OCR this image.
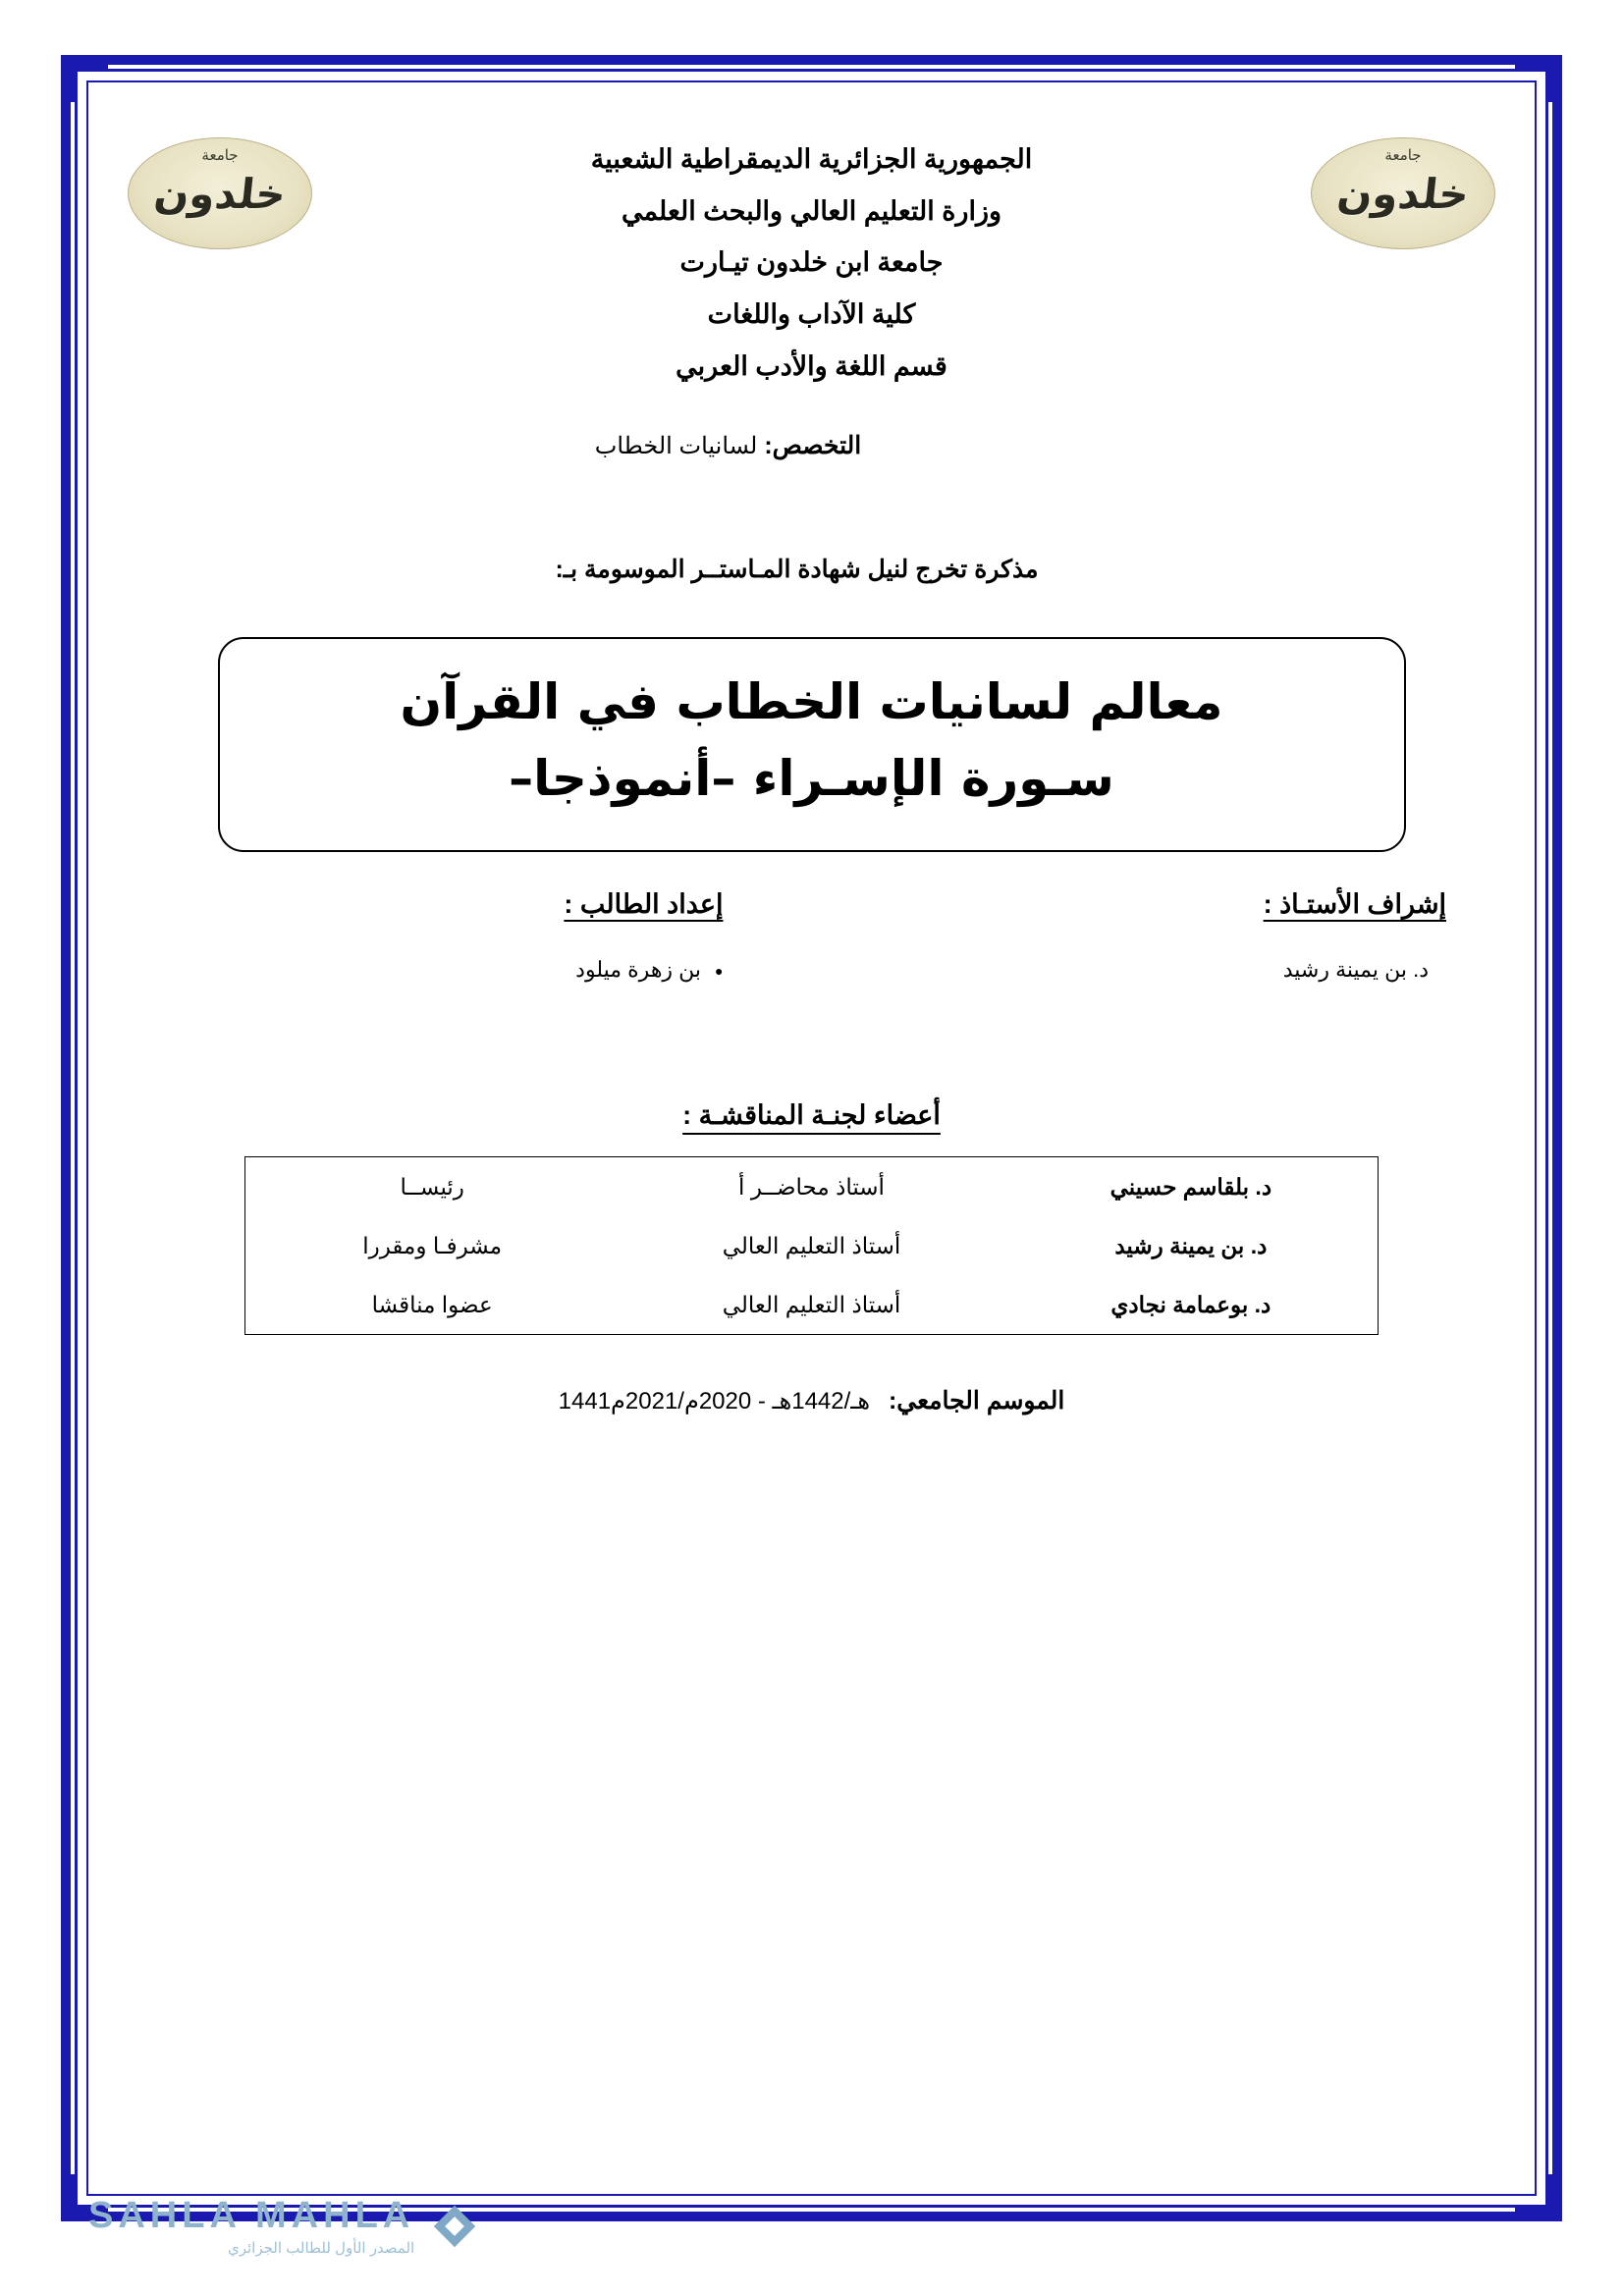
جامعة
خلدون
جامعة
خلدون
الجمهورية الجزائرية الديمقراطية الشعبية
وزارة التعليم العالي والبحث العلمي
جامعة ابن خلدون تيـارت
كلية الآداب واللغات
قسم اللغة والأدب العربي
التخصص: لسانيات الخطاب
مذكرة تخرج لنيل شهادة المـاستــر الموسومة بـ:
معالم لسانيات الخطاب في القرآن
سـورة الإسـراء –أنموذجا–
إشراف الأستـاذ :
د. بن يمينة رشيد
إعداد الطالب :
● بن زهرة ميلود
أعضاء لجنـة المناقشـة :
د. بلقاسم حسيني	أستاذ محاضــر أ	رئيســا
د. بن يمينة رشيد	أستاذ التعليم العالي	مشرفـا ومقررا
د. بوعمامة نجادي	أستاذ التعليم العالي	عضوا مناقشا
الموسم الجامعي: 1441هـ/1442هـ - 2020م/2021م
SAHLA MAHLA
المصدر الأول للطالب الجزائري
